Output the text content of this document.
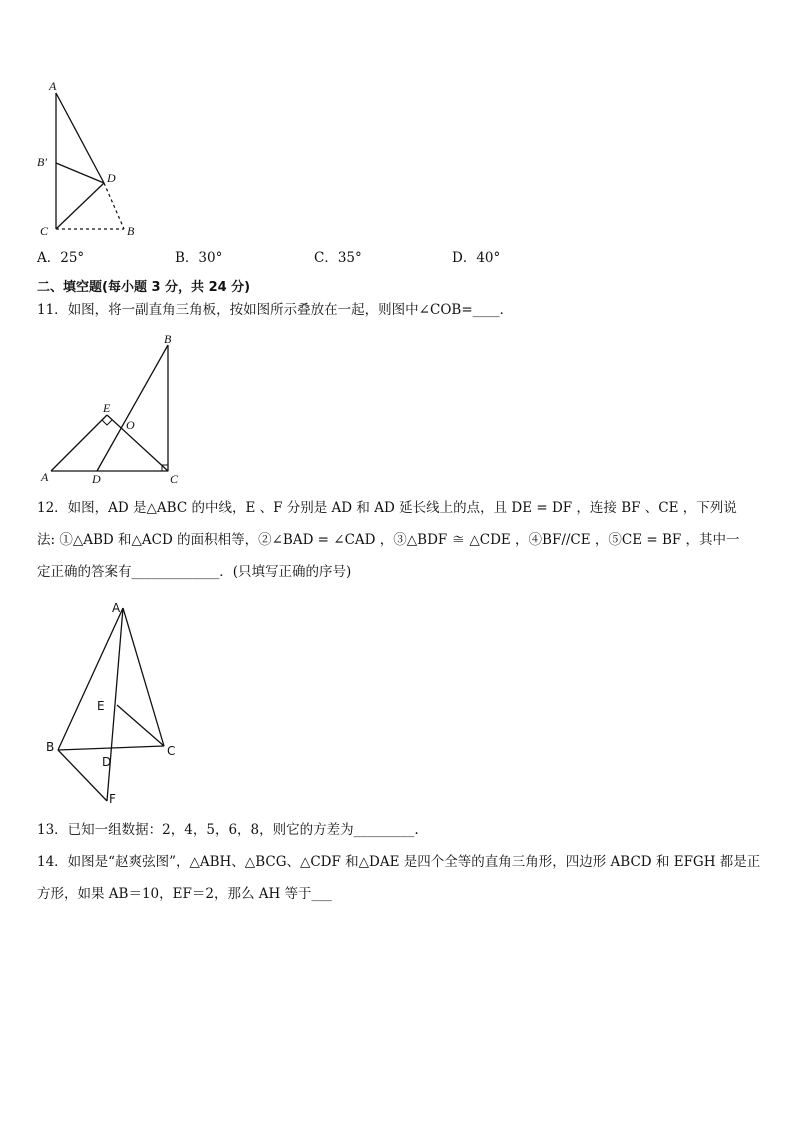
A
B′
D
C	B
A．25°	B．30°	C．35°	D．40°
二、填空题(每小题 3 分，共 24 分)
11．如图，将一副直角三角板，按如图所示叠放在一起，则图中∠COB=____．
B
E
O
A	D	C
12．如图，AD 是△ABC 的中线，E 、F 分别是 AD 和 AD 延长线上的点，且 DE = DF ，连接 BF 、CE ，下列说
法: ①△ABD 和△ACD 的面积相等，②∠BAD = ∠CAD ，③△BDF ≅ △CDE ，④BF//CE ，⑤CE = BF ，其中一
定正确的答案有_____________．(只填写正确的序号)
A
E
B	C
D
F
13．已知一组数据：2，4，5，6，8，则它的方差为_________.
14．如图是“赵爽弦图”，△ABH、△BCG、△CDF 和△DAE 是四个全等的直角三角形，四边形 ABCD 和 EFGH 都是正
方形，如果 AB＝10，EF＝2，那么 AH 等于___
